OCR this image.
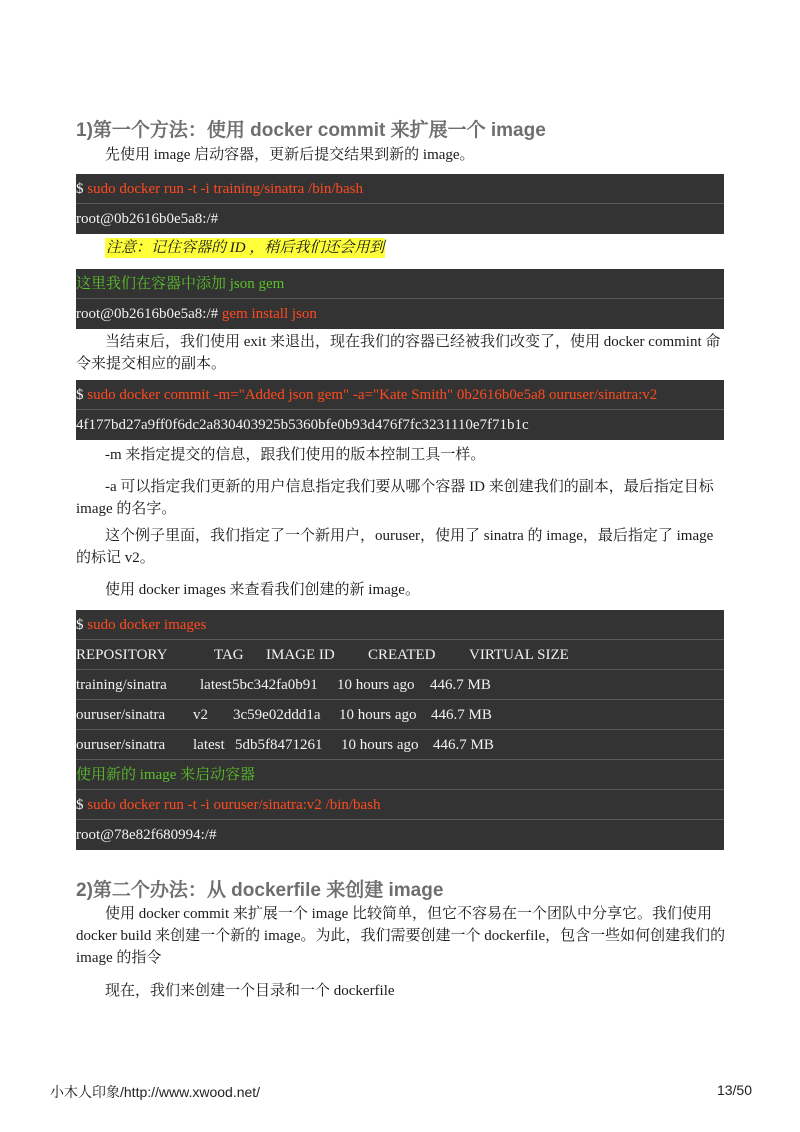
1)第一个方法：使用 docker commit 来扩展一个 image

先使用 image 启动容器，更新后提交结果到新的 image。

$ sudo docker run -t -i training/sinatra /bin/bash
root@0b2616b0e5a8:/#
注意：记住容器的 ID ，稍后我们还会用到
这里我们在容器中添加 json gem
root@0b2616b0e5a8:/# gem install json

当结束后，我们使用 exit 来退出，现在我们的容器已经被我们改变了，使用 docker commint 命令来提交相应的副本。

$ sudo docker commit -m="Added json gem" -a="Kate Smith" 0b2616b0e5a8 ouruser/sinatra:v2
4f177bd27a9ff0f6dc2a830403925b5360bfe0b93d476f7fc3231110e7f71b1c

-m 来指定提交的信息，跟我们使用的版本控制工具一样。

-a 可以指定我们更新的用户信息指定我们要从哪个容器 ID 来创建我们的副本，最后指定目标 image 的名字。

这个例子里面，我们指定了一个新用户，ouruser，使用了 sinatra 的 image，最后指定了 image 的标记 v2。

使用 docker images 来查看我们创建的新 image。

$ sudo docker images
REPOSITORY	TAG IMAGE ID CREATED VIRTUAL SIZE
training/sinatra latest5bc342fa0b91 10 hours ago 446.7 MB
ouruser/sinatra v2 3c59e02ddd1a 10 hours ago 446.7 MB
ouruser/sinatra latest 5db5f8471261 10 hours ago 446.7 MB
使用新的 image 来启动容器
$ sudo docker run -t -i ouruser/sinatra:v2 /bin/bash
root@78e82f680994:/#
2)第二个办法：从 dockerfile 来创建 image

使用 docker commit 来扩展一个 image 比较简单，但它不容易在一个团队中分享它。我们使用 docker build 来创建一个新的 image。为此，我们需要创建一个 dockerfile，包含一些如何创建我们的 image 的指令

现在，我们来创建一个目录和一个 dockerfile

小木人印象/http://www.xwood.net/	13/50
